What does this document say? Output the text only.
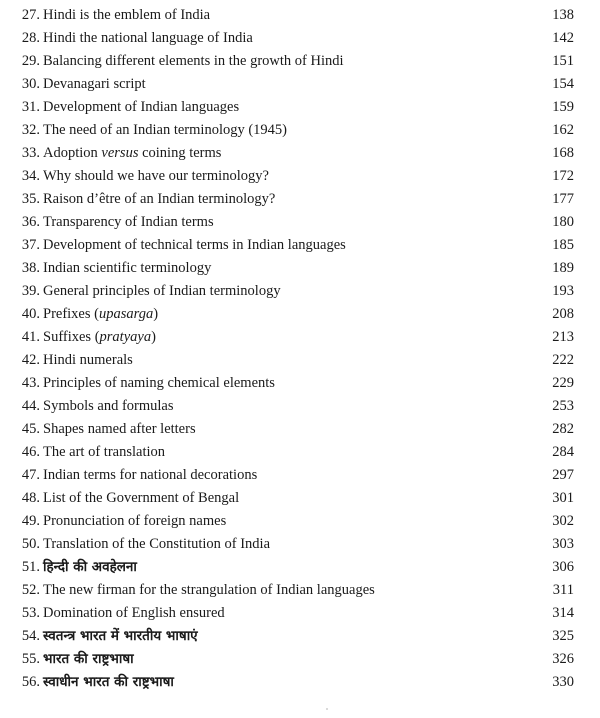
27. Hindi is the emblem of India	138
28. Hindi the national language of India	142
29. Balancing different elements in the growth of Hindi	151
30. Devanagari script	154
31. Development of Indian languages	159
32. The need of an Indian terminology (1945)	162
33. Adoption versus coining terms	168
34. Why should we have our terminology?	172
35. Raison d’être of an Indian terminology?	177
36. Transparency of Indian terms	180
37. Development of technical terms in Indian languages	185
38. Indian scientific terminology	189
39. General principles of Indian terminology	193
40. Prefixes (upasarga)	208
41. Suffixes (pratyaya)	213
42. Hindi numerals	222
43. Principles of naming chemical elements	229
44. Symbols and formulas	253
45. Shapes named after letters	282
46. The art of translation	284
47. Indian terms for national decorations	297
48. List of the Government of Bengal	301
49. Pronunciation of foreign names	302
50. Translation of the Constitution of India	303
51. हिन्दी की अवहेलना	306
52. The new firman for the strangulation of Indian languages	311
53. Domination of English ensured	314
54. स्वतन्त्र भारत में भारतीय भाषाएं	325
55. भारत की राष्ट्रभाषा	326
56. स्वाधीन भारत की राष्ट्रभाषा	330
